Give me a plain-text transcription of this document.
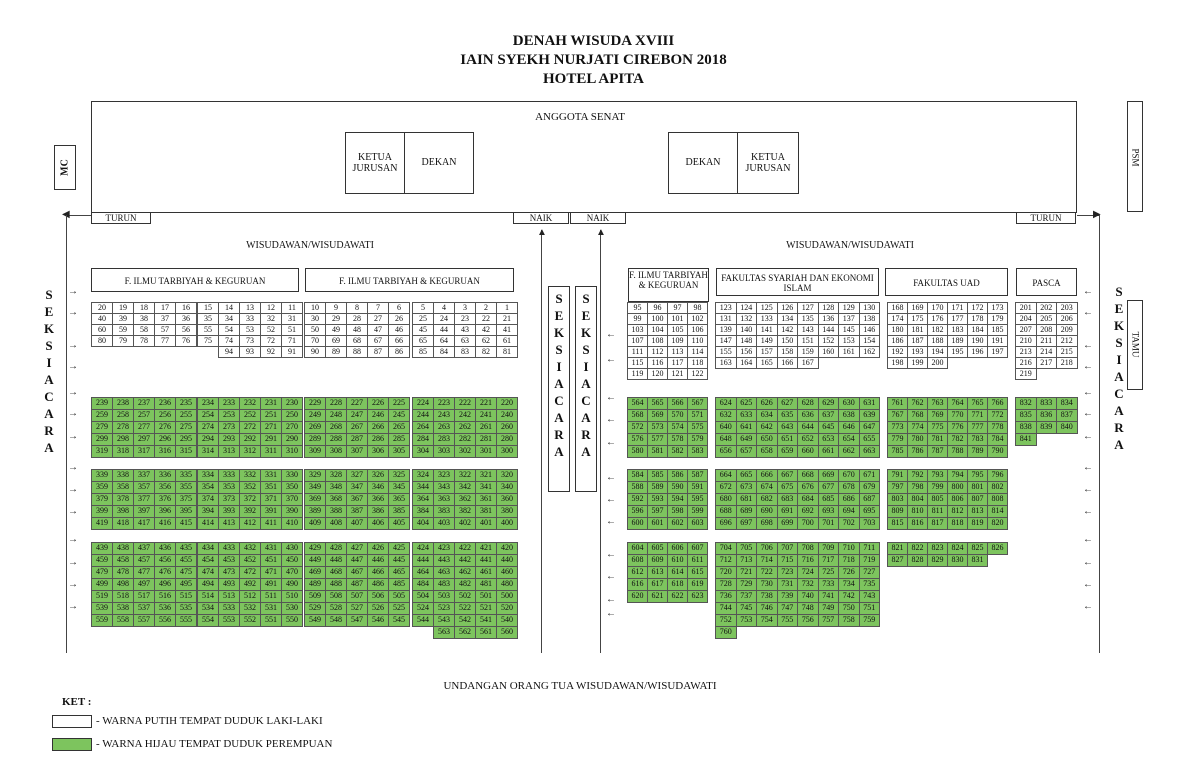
DENAH WISUDA XVIII
IAIN SYEKH NURJATI CIREBON 2018
HOTEL APITA
ANGGOTA SENAT
KETUA JURUSAN
DEKAN	DEKAN	KETUA JURUSAN
MC
PSM
TAMU
TURUN	TURUN
NAIK	NAIK
◀	▶
▲	▲
SEKSI ACARA
SEKSI ACARA
SEKSI ACARA
SEKSI ACARA
WISUDAWAN/WISUDAWATI	WISUDAWAN/WISUDAWATI
F. ILMU TARBIYAH & KEGURUAN	F. ILMU TARBIYAH & KEGURUAN
F. ILMU TARBIYAH & KEGURUAN
FAKULTAS SYARIAH DAN EKONOMI ISLAM	FAKULTAS UAD	PASCA
20	19	18	17	16
40	39	38	37	36
60	59	58	57	56
80	79	78	77	76
15	14	13	12	11
35	34	33	32	31
55	54	53	52	51
75	74	73	72	71
94	93	92	91
10	9	8	7	6
30	29	28	27	26
50	49	48	47	46
70	69	68	67	66
90	89	88	87	86
5	4	3	2	1
25	24	23	22	21
45	44	43	42	41
65	64	63	62	61
85	84	83	82	81
95	96	97	98
99	100	101	102
103	104	105	106
107	108	109	110
111	112	113	114
115	116	117	118
119	120	121	122
123	124	125	126	127	128	129	130
131	132	133	134	135	136	137	138
139	140	141	142	143	144	145	146
147	148	149	150	151	152	153	154
155	156	157	158	159	160	161	162
163	164	165	166	167
168	169	170	171	172	173
174	175	176	177	178	179
180	181	182	183	184	185
186	187	188	189	190	191
192	193	194	195	196	197
198	199	200
201	202	203
204	205	206
207	208	209
210	211	212
213	214	215
216	217	218
219
239	238	237	236	235
259	258	257	256	255
279	278	277	276	275
299	298	297	296	295
319	318	317	316	315
234	233	232	231	230
254	253	252	251	250
274	273	272	271	270
294	293	292	291	290
314	313	312	311	310
229	228	227	226	225
249	248	247	246	245
269	268	267	266	265
289	288	287	286	285
309	308	307	306	305
224	223	222	221	220
244	243	242	241	240
264	263	262	261	260
284	283	282	281	280
304	303	302	301	300
564	565	566	567
568	569	570	571
572	573	574	575
576	577	578	579
580	581	582	583
624	625	626	627	628	629	630	631
632	633	634	635	636	637	638	639
640	641	642	643	644	645	646	647
648	649	650	651	652	653	654	655
656	657	658	659	660	661	662	663
761	762	763	764	765	766
767	768	769	770	771	772
773	774	775	776	777	778
779	780	781	782	783	784
785	786	787	788	789	790
832	833	834
835	836	837
838	839	840
841
339	338	337	336	335
359	358	357	356	355
379	378	377	376	375
399	398	397	396	395
419	418	417	416	415
334	333	332	331	330
354	353	352	351	350
374	373	372	371	370
394	393	392	391	390
414	413	412	411	410
329	328	327	326	325
349	348	347	346	345
369	368	367	366	365
389	388	387	386	385
409	408	407	406	405
324	323	322	321	320
344	343	342	341	340
364	363	362	361	360
384	383	382	381	380
404	403	402	401	400
584	585	586	587
588	589	590	591
592	593	594	595
596	597	598	599
600	601	602	603
664	665	666	667	668	669	670	671
672	673	674	675	676	677	678	679
680	681	682	683	684	685	686	687
688	689	690	691	692	693	694	695
696	697	698	699	700	701	702	703
791	792	793	794	795	796
797	798	799	800	801	802
803	804	805	806	807	808
809	810	811	812	813	814
815	816	817	818	819	820
439	438	437	436	435
459	458	457	456	455
479	478	477	476	475
499	498	497	496	495
519	518	517	516	515
539	538	537	536	535
559	558	557	556	555
434	433	432	431	430
454	453	452	451	450
474	473	472	471	470
494	493	492	491	490
514	513	512	511	510
534	533	532	531	530
554	553	552	551	550
429	428	427	426	425
449	448	447	446	445
469	468	467	466	465
489	488	487	486	485
509	508	507	506	505
529	528	527	526	525
549	548	547	546	545
424	423	422	421	420
444	443	442	441	440
464	463	462	461	460
484	483	482	481	480
504	503	502	501	500
524	523	522	521	520
544	543	542	541	540
563	562	561	560
604	605	606	607
608	609	610	611
612	613	614	615
616	617	618	619
620	621	622	623
704	705	706	707	708	709	710	711
712	713	714	715	716	717	718	719
720	721	722	723	724	725	726	727
728	729	730	731	732	733	734	735
736	737	738	739	740	741	742	743
744	745	746	747	748	749	750	751
752	753	754	755	756	757	758	759
760
821	822	823	824	825	826
827	828	829	830	831
→
→
→
→
→
→
→
→
→
→
→
→
→
→
←
←
←
←
←
←
←
←
←
←
←
←
←
←
←
←
←
←
←
←
←
←
←
←
←
←
UNDANGAN ORANG TUA WISUDAWAN/WISUDAWATI
KET :
- WARNA PUTIH TEMPAT DUDUK LAKI-LAKI
- WARNA HIJAU TEMPAT DUDUK PEREMPUAN
